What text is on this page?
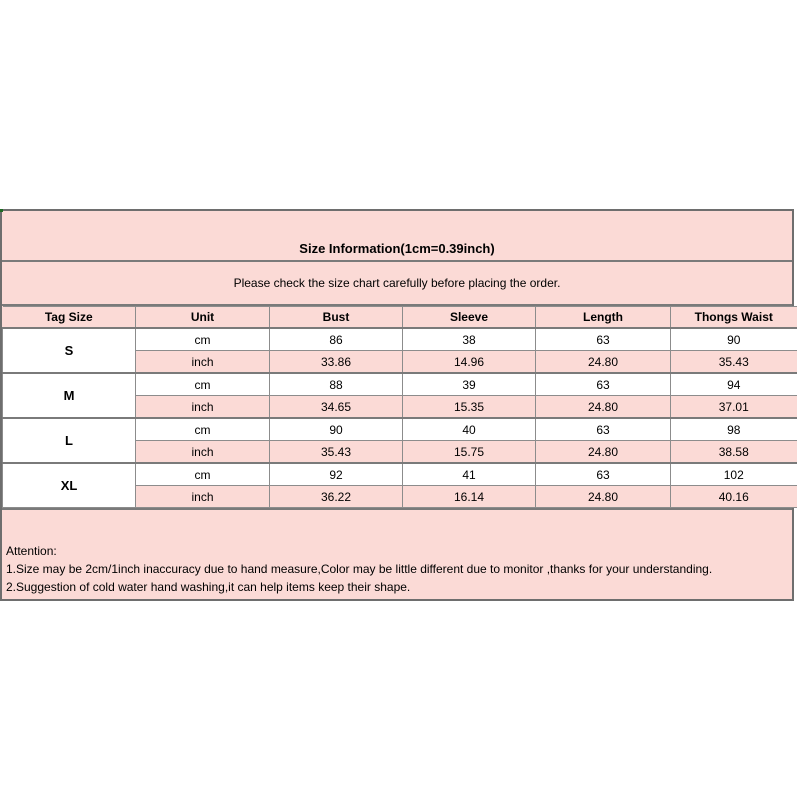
Size Information(1cm=0.39inch)
Please check the size chart carefully before placing the order.
Tag Size	Unit	Bust	Sleeve	Length	Thongs Waist
S	cm	86	38	63	90
	inch	33.86	14.96	24.80	35.43
M	cm	88	39	63	94
	inch	34.65	15.35	24.80	37.01
L	cm	90	40	63	98
	inch	35.43	15.75	24.80	38.58
XL	cm	92	41	63	102
	inch	36.22	16.14	24.80	40.16
Attention:
1.Size may be 2cm/1inch inaccuracy due to hand measure,Color may be little different due to monitor ,thanks for your understanding.
2.Suggestion of cold water hand washing,it can help items keep their shape.
